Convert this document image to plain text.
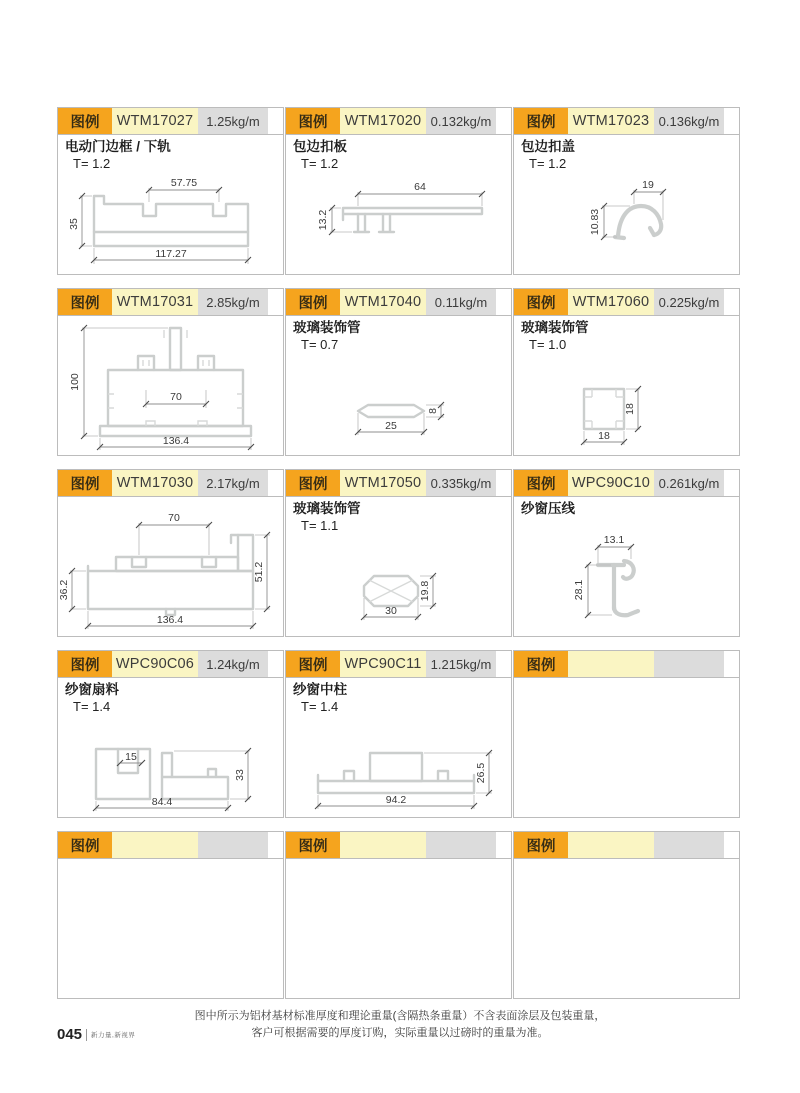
图例	WTM17027 1.25kg/m
电动门边框 / 下轨
T= 1.2
57.75
35
117.27
图例	WTM17020 0.132kg/m
包边扣板
T= 1.2
64
13.2
图例	WTM17023 0.136kg/m
包边扣盖
T= 1.2
19
10.83
图例	WTM17031 2.85kg/m
100
70
136.4
图例	WTM17040	0.11kg/m
玻璃装饰管
T= 0.7
25
8
图例	WTM17060 0.225kg/m
玻璃装饰管
T= 1.0
18
18
图例	WTM17030 2.17kg/m
70
36.2
51.2
136.4
图例	WTM17050 0.335kg/m
玻璃装饰管
T= 1.1
30
19.8
图例	WPC90C10 0.261kg/m
纱窗压线
13.1
28.1
图例	WPC90C06 1.24kg/m
纱窗扇料
T= 1.4
15
33
84.4
图例	WPC90C11 1.215kg/m
纱窗中柱
T= 1.4
94.2
26.5
图例
图例	图例	图例
图中所示为铝材基材标准厚度和理论重量(含隔热条重量）不含表面涂层及包装重量，
客户可根据需要的厚度订购，实际重量以过磅时的重量为准。
045 新力量,新视界
